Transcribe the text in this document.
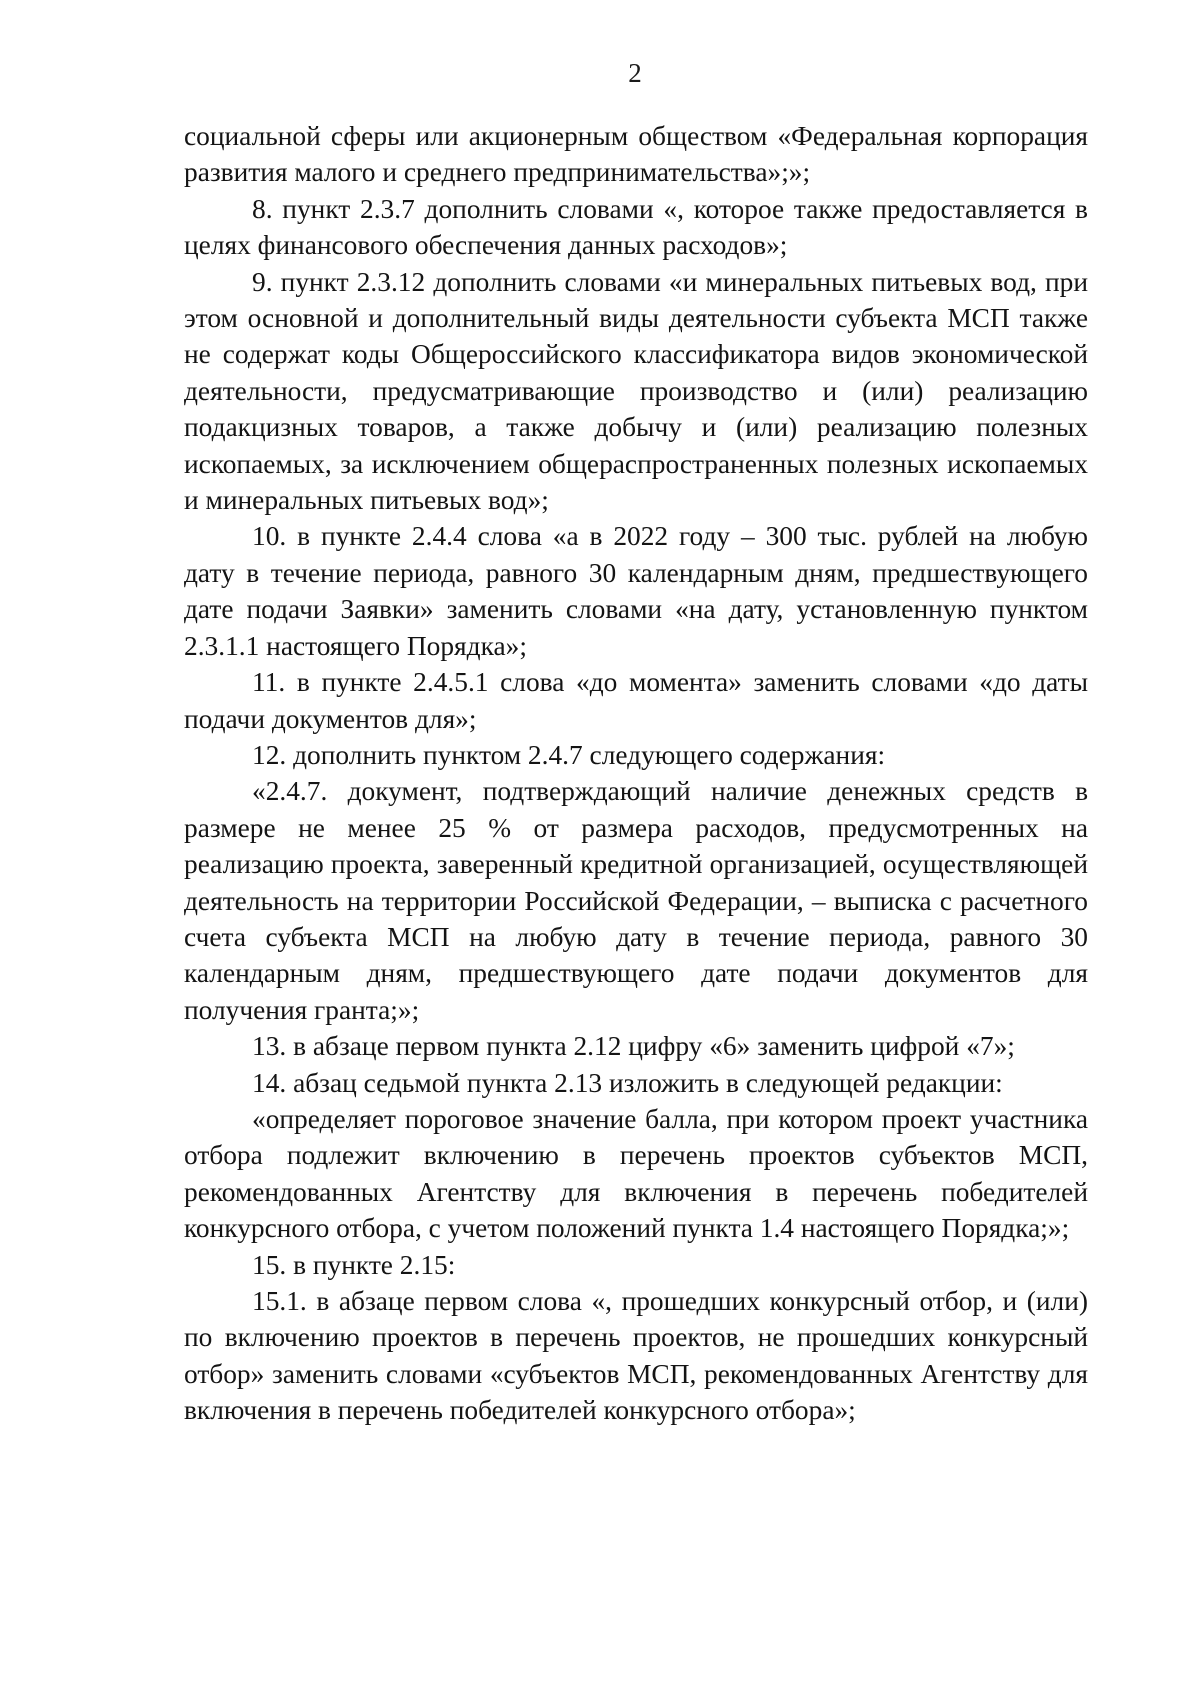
2

социальной сферы или акционерным обществом «Федеральная корпорация развития малого и среднего предпринимательства»;»;

8. пункт 2.3.7 дополнить словами «, которое также предоставляется в целях финансового обеспечения данных расходов»;

9. пункт 2.3.12 дополнить словами «и минеральных питьевых вод, при этом основной и дополнительный виды деятельности субъекта МСП также не содержат коды Общероссийского классификатора видов экономической деятельности, предусматривающие производство и (или) реализацию подакцизных товаров, а также добычу и (или) реализацию полезных ископаемых, за исключением общераспространенных полезных ископаемых и минеральных питьевых вод»;

10. в пункте 2.4.4 слова «а в 2022 году – 300 тыс. рублей на любую дату в течение периода, равного 30 календарным дням, предшествующего дате подачи Заявки» заменить словами «на дату, установленную пунктом 2.3.1.1 настоящего Порядка»;

11. в пункте 2.4.5.1 слова «до момента» заменить словами «до даты подачи документов для»;

12. дополнить пунктом 2.4.7 следующего содержания:

«2.4.7. документ, подтверждающий наличие денежных средств в размере не менее 25 % от размера расходов, предусмотренных на реализацию проекта, заверенный кредитной организацией, осуществляющей деятельность на территории Российской Федерации, – выписка с расчетного счета субъекта МСП на любую дату в течение периода, равного 30 календарным дням, предшествующего дате подачи документов для получения гранта;»;

13. в абзаце первом пункта 2.12 цифру «6» заменить цифрой «7»;

14. абзац седьмой пункта 2.13 изложить в следующей редакции:

«определяет пороговое значение балла, при котором проект участника отбора подлежит включению в перечень проектов субъектов МСП, рекомендованных Агентству для включения в перечень победителей конкурсного отбора, с учетом положений пункта 1.4 настоящего Порядка;»;

15. в пункте 2.15:

15.1. в абзаце первом слова «, прошедших конкурсный отбор, и (или) по включению проектов в перечень проектов, не прошедших конкурсный отбор» заменить словами «субъектов МСП, рекомендованных Агентству для включения в перечень победителей конкурсного отбора»;
